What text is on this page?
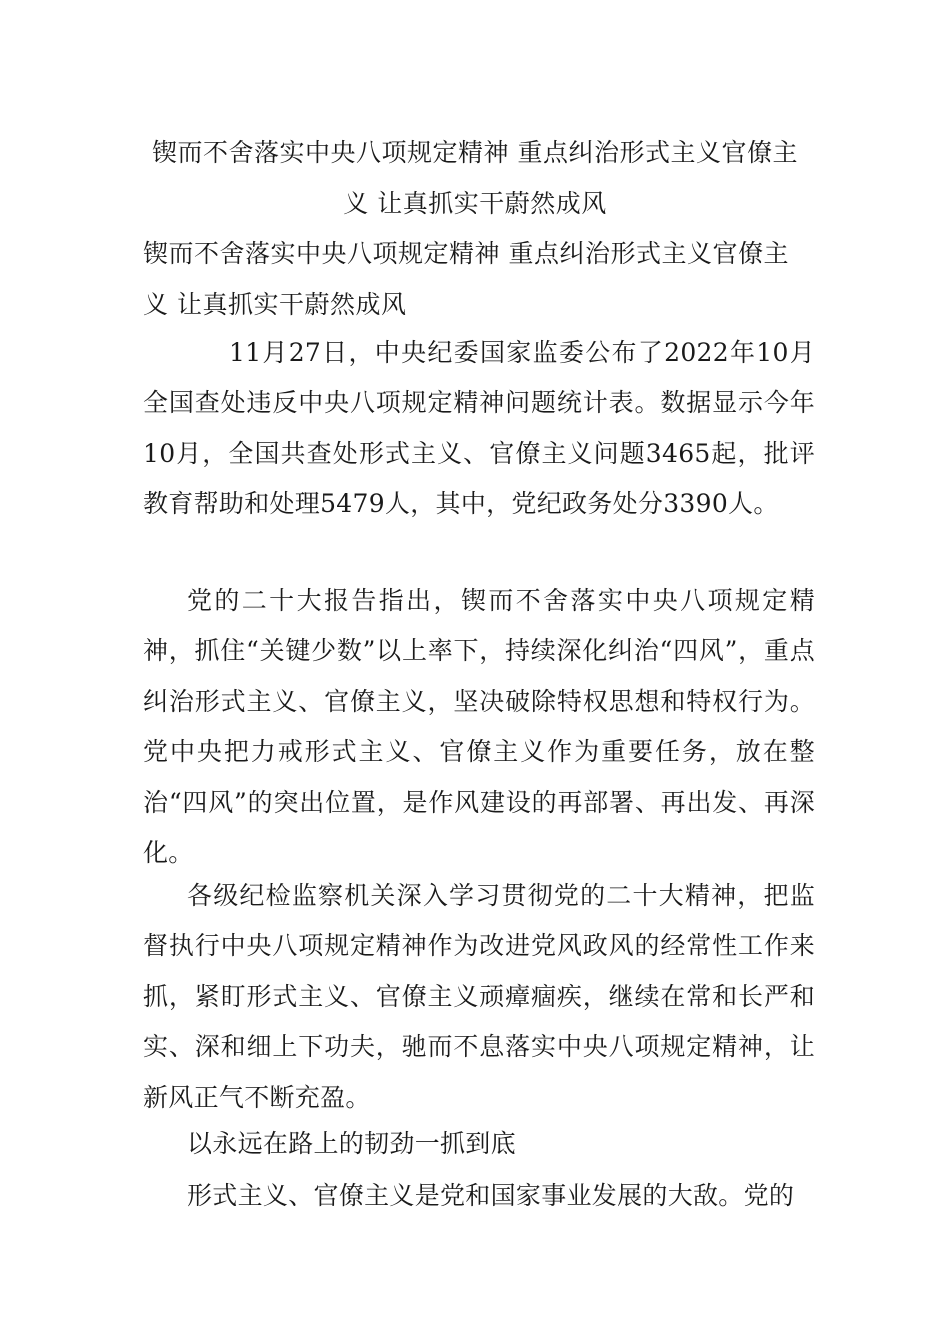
锲而不舍落实中央八项规定精神 重点纠治形式主义官僚主义 让真抓实干蔚然成风
锲而不舍落实中央八项规定精神 重点纠治形式主义官僚主义 让真抓实干蔚然成风
11月27日，中央纪委国家监委公布了2022年10月全国查处违反中央八项规定精神问题统计表。数据显示今年10月，全国共查处形式主义、官僚主义问题3465起，批评教育帮助和处理5479人，其中，党纪政务处分3390人。
党的二十大报告指出，锲而不舍落实中央八项规定精神，抓住“关键少数”以上率下，持续深化纠治“四风”，重点纠治形式主义、官僚主义，坚决破除特权思想和特权行为。党中央把力戒形式主义、官僚主义作为重要任务，放在整治“四风”的突出位置，是作风建设的再部署、再出发、再深化。
各级纪检监察机关深入学习贯彻党的二十大精神，把监督执行中央八项规定精神作为改进党风政风的经常性工作来抓，紧盯形式主义、官僚主义顽瘴痼疾，继续在常和长严和实、深和细上下功夫，驰而不息落实中央八项规定精神，让新风正气不断充盈。
以永远在路上的韧劲一抓到底
形式主义、官僚主义是党和国家事业发展的大敌。党的
